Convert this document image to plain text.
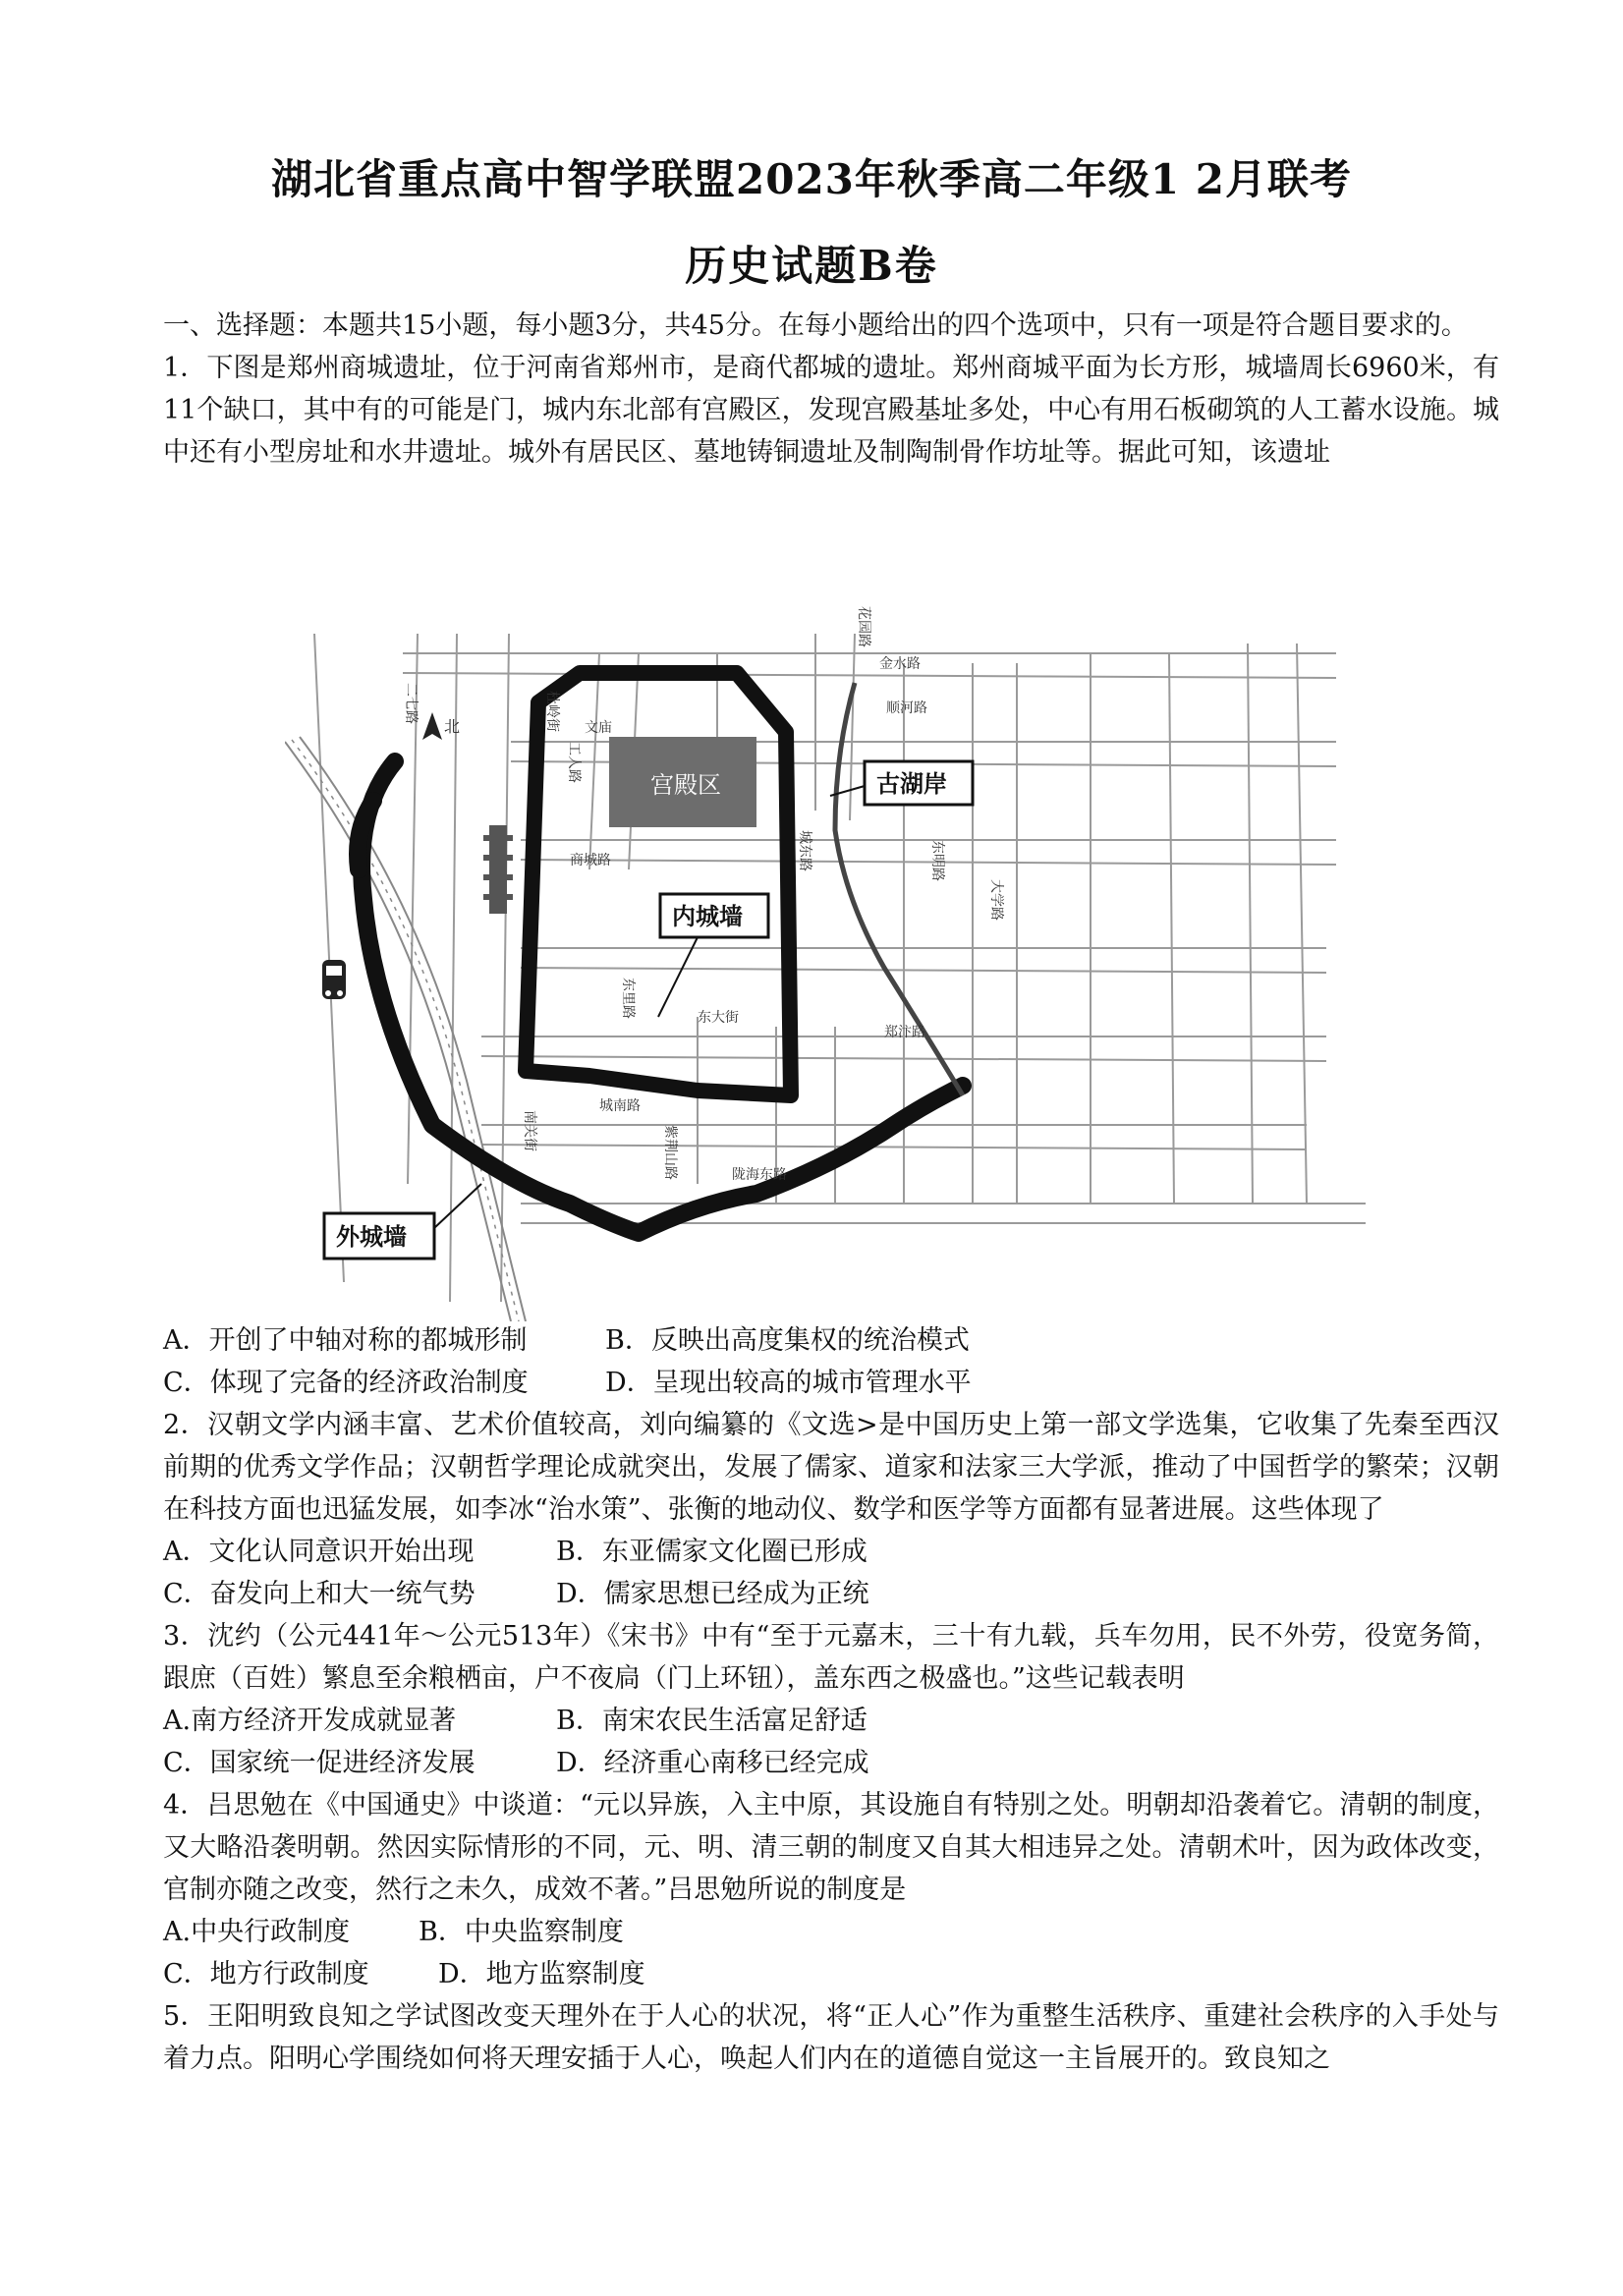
湖北省重点高中智学联盟2023年秋季高二年级1 2月联考
历史试题B卷

一、选择题：本题共15小题，每小题3分，共45分。在每小题给出的四个选项中，只有一项是符合题目要求的。

1．下图是郑州商城遗址，位于河南省郑州市，是商代都城的遗址。郑州商城平面为长方形，城墙周长6960米，有11个缺口，其中有的可能是门，城内东北部有宫殿区，发现宫殿基址多处，中心有用石板砌筑的人工蓄水设施。城中还有小型房址和水井遗址。城外有居民区、墓地铸铜遗址及制陶制骨作坊址等。据此可知，该遗址

北
宫殿区
内城墙
古湖岸
外城墙
花园路
金水路
二七路	杜岭街	顺河路
商城路
东里路	东大街
东明路
大学路
郑汴路
城南路
陇海东路
紫荆山路
南关街
工人路
城东路
文庙
A．开创了中轴对称的都城形制	B．反映出高度集权的统治模式
C．体现了完备的经济政治制度	D．呈现出较高的城市管理水平

2．汉朝文学内涵丰富、艺术价值较高，刘向编纂的《文选>是中国历史上第一部文学选集，它收集了先秦至西汉前期的优秀文学作品；汉朝哲学理论成就突出，发展了儒家、道家和法家三大学派，推动了中国哲学的繁荣；汉朝在科技方面也迅猛发展，如李冰“治水策”、张衡的地动仪、数学和医学等方面都有显著进展。这些体现了

A．文化认同意识开始出现	B．东亚儒家文化圈已形成
C．奋发向上和大一统气势	D．儒家思想已经成为正统

3．沈约（公元441年～公元513年）《宋书》中有“至于元嘉末，三十有九载，兵车勿用，民不外劳，役宽务简，跟庶（百姓）繁息至余粮栖亩，户不夜扃（门上环钮），盖东西之极盛也。”这些记载表明

A.南方经济开发成就显著	B．南宋农民生活富足舒适
C．国家统一促进经济发展	D．经济重心南移已经完成

4．吕思勉在《中国通史》中谈道：“元以异族，入主中原，其设施自有特别之处。明朝却沿袭着它。清朝的制度，又大略沿袭明朝。然因实际情形的不同，元、明、清三朝的制度又自其大相违异之处。清朝术叶，因为政体改变，官制亦随之改变，然行之未久，成效不著。”吕思勉所说的制度是

A.中央行政制度	B．中央监察制度
C．地方行政制度	D．地方监察制度

5．王阳明致良知之学试图改变天理外在于人心的状况，将“正人心”作为重整生活秩序、重建社会秩序的入手处与着力点。阳明心学围绕如何将天理安插于人心，唤起人们内在的道德自觉这一主旨展开的。致良知之
